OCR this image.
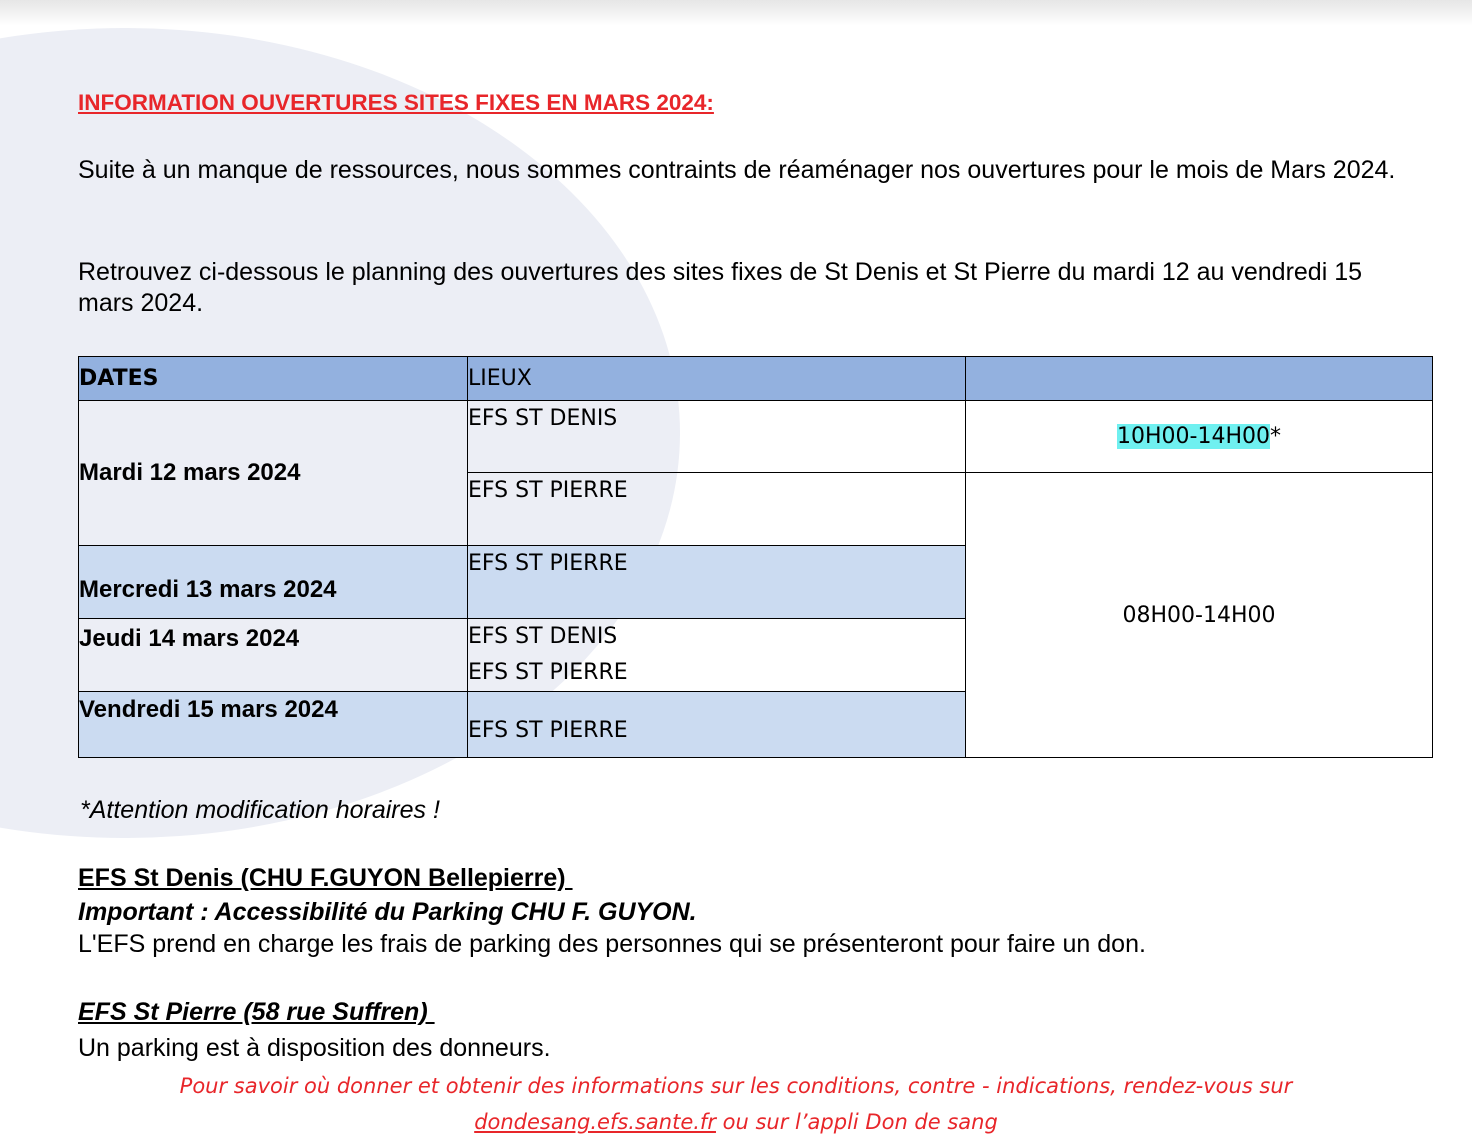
INFORMATION OUVERTURES SITES FIXES EN MARS 2024:
Suite à un manque de ressources, nous sommes contraints de réaménager nos ouvertures pour le mois de Mars 2024.
Retrouvez ci-dessous le planning des ouvertures des sites fixes de St Denis et St Pierre du mardi 12 au vendredi 15 mars 2024.
DATES	LIEUX	
Mardi 12 mars 2024	EFS ST DENIS	10H00-14H00*
	EFS ST PIERRE	08H00-14H00
Mercredi 13 mars 2024	EFS ST PIERRE	
Jeudi 14 mars 2024	EFS ST DENIS
EFS ST PIERRE	

Vendredi 15 mars 2024	EFS ST PIERRE	
*Attention modification horaires !
EFS St Denis (CHU F.GUYON Bellepierre)
Important : Accessibilité du Parking CHU F. GUYON.
L'EFS prend en charge les frais de parking des personnes qui se présenteront pour faire un don.
EFS St Pierre (58 rue Suffren)
Un parking est à disposition des donneurs.
Pour savoir où donner et obtenir des informations sur les conditions, contre - indications, rendez-vous sur
dondesang.efs.sante.fr ou sur l’appli Don de sang
